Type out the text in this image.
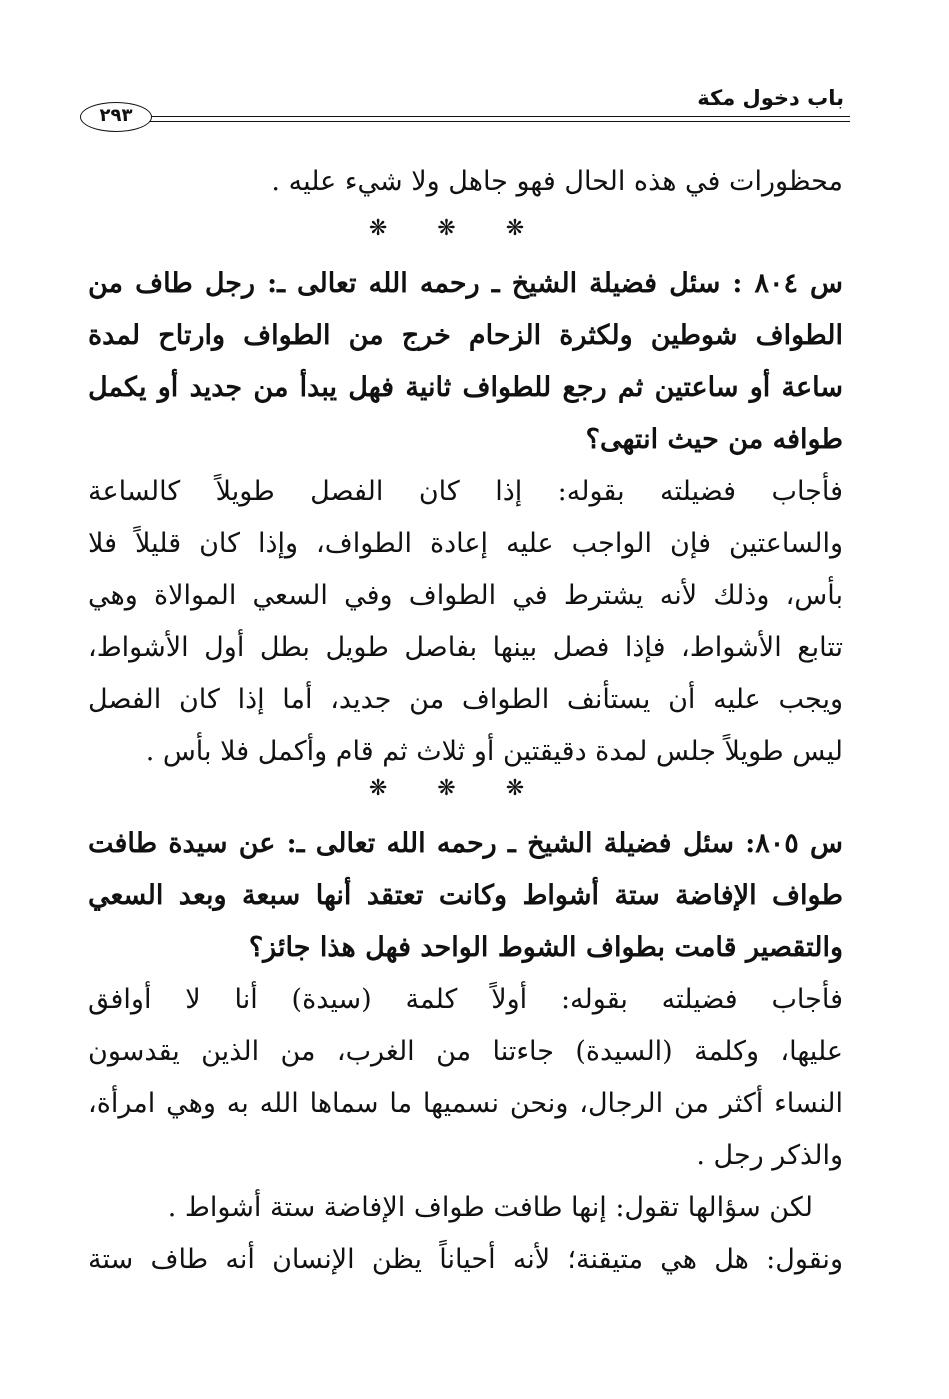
باب دخول مكة
٢٩٣
محظورات في هذه الحال فهو جاهل ولا شيء عليه .
❋ ❋ ❋
س ٨٠٤ : سئل فضيلة الشيخ ـ رحمه الله تعالى ـ: رجل طاف من
الطواف شوطين ولكثرة الزحام خرج من الطواف وارتاح لمدة
ساعة أو ساعتين ثم رجع للطواف ثانية فهل يبدأ من جديد أو يكمل
طوافه من حيث انتهى؟
فأجاب فضيلته بقوله: إذا كان الفصل طويلاً كالساعة
والساعتين فإن الواجب عليه إعادة الطواف، وإذا كان قليلاً فلا
بأس، وذلك لأنه يشترط في الطواف وفي السعي الموالاة وهي
تتابع الأشواط، فإذا فصل بينها بفاصل طويل بطل أول الأشواط،
ويجب عليه أن يستأنف الطواف من جديد، أما إذا كان الفصل
ليس طويلاً جلس لمدة دقيقتين أو ثلاث ثم قام وأكمل فلا بأس .
❋ ❋ ❋
س ٨٠٥: سئل فضيلة الشيخ ـ رحمه الله تعالى ـ: عن سيدة طافت
طواف الإفاضة ستة أشواط وكانت تعتقد أنها سبعة وبعد السعي
والتقصير قامت بطواف الشوط الواحد فهل هذا جائز؟
فأجاب فضيلته بقوله: أولاً كلمة (سيدة) أنا لا أوافق
عليها، وكلمة (السيدة) جاءتنا من الغرب، من الذين يقدسون
النساء أكثر من الرجال، ونحن نسميها ما سماها الله به وهي امرأة،
والذكر رجل .
لكن سؤالها تقول: إنها طافت طواف الإفاضة ستة أشواط .
ونقول: هل هي متيقنة؛ لأنه أحياناً يظن الإنسان أنه طاف ستة
